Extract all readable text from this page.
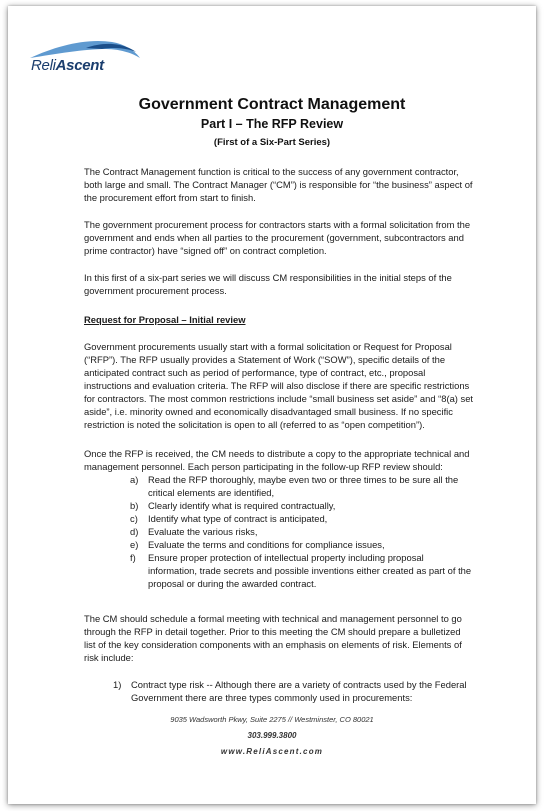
ReliAscent
Government Contract Management
Part I – The RFP Review
(First of a Six-Part Series)
The Contract Management function is critical to the success of any government contractor, both large and small. The Contract Manager (“CM”) is responsible for “the business” aspect of the procurement effort from start to finish.
The government procurement process for contractors starts with a formal solicitation from the government and ends when all parties to the procurement (government, subcontractors and prime contractor) have “signed off” on contract completion.
In this first of a six-part series we will discuss CM responsibilities in the initial steps of the government procurement process.
Request for Proposal – Initial review
Government procurements usually start with a formal solicitation or Request for Proposal (“RFP”). The RFP usually provides a Statement of Work (“SOW”), specific details of the anticipated contract such as period of performance, type of contract, etc., proposal instructions and evaluation criteria. The RFP will also disclose if there are specific restrictions for contractors. The most common restrictions include “small business set aside” and “8(a) set aside”, i.e. minority owned and economically disadvantaged small business. If no specific restriction is noted the solicitation is open to all (referred to as “open competition”).
Once the RFP is received, the CM needs to distribute a copy to the appropriate technical and management personnel. Each person participating in the follow-up RFP review should:
a) Read the RFP thoroughly, maybe even two or three times to be sure all the critical elements are identified,
b) Clearly identify what is required contractually,
c) Identify what type of contract is anticipated,
d) Evaluate the various risks,
e) Evaluate the terms and conditions for compliance issues,
f) Ensure proper protection of intellectual property including proposal information, trade secrets and possible inventions either created as part of the proposal or during the awarded contract.
The CM should schedule a formal meeting with technical and management personnel to go through the RFP in detail together. Prior to this meeting the CM should prepare a bulletized list of the key consideration components with an emphasis on elements of risk. Elements of risk include:
1)	Contract type risk -- Although there are a variety of contracts used by the Federal Government there are three types commonly used in procurements:
9035 Wadsworth Pkwy, Suite 2275 // Westminster, CO 80021
303.999.3800
www.ReliAscent.com
